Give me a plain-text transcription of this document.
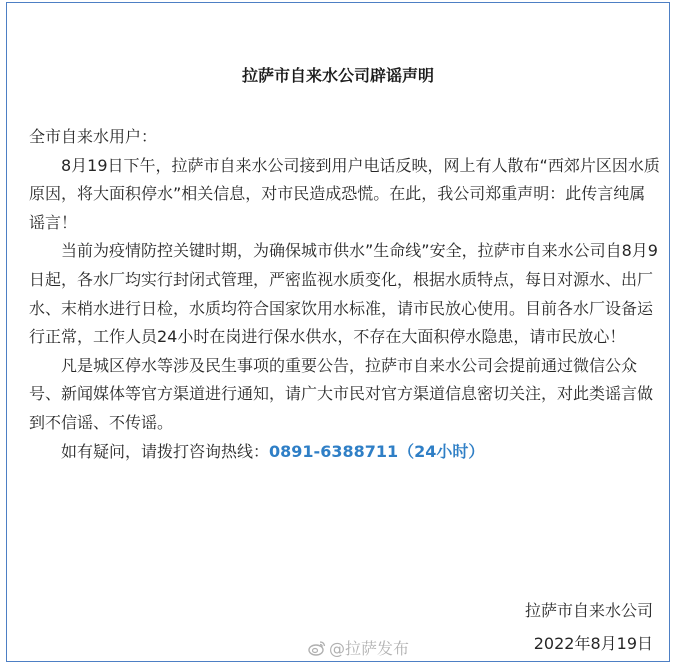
拉萨市自来水公司辟谣声明

全市自来水用户：

8月19日下午，拉萨市自来水公司接到用户电话反映，网上有人散布“西郊片区因水质原因，将大面积停水”相关信息，对市民造成恐慌。在此，我公司郑重声明：此传言纯属谣言！

当前为疫情防控关键时期，为确保城市供水”生命线”安全，拉萨市自来水公司自8月9日起，各水厂均实行封闭式管理，严密监视水质变化，根据水质特点，每日对源水、出厂水、末梢水进行日检，水质均符合国家饮用水标准，请市民放心使用。目前各水厂设备运行正常，工作人员24小时在岗进行保水供水，不存在大面积停水隐患，请市民放心！

凡是城区停水等涉及民生事项的重要公告，拉萨市自来水公司会提前通过微信公众号、新闻媒体等官方渠道进行通知，请广大市民对官方渠道信息密切关注，对此类谣言做到不信谣、不传谣。

如有疑问，请拨打咨询热线：0891-6388711（24小时）

拉萨市自来水公司
2022年8月19日
@拉萨发布
